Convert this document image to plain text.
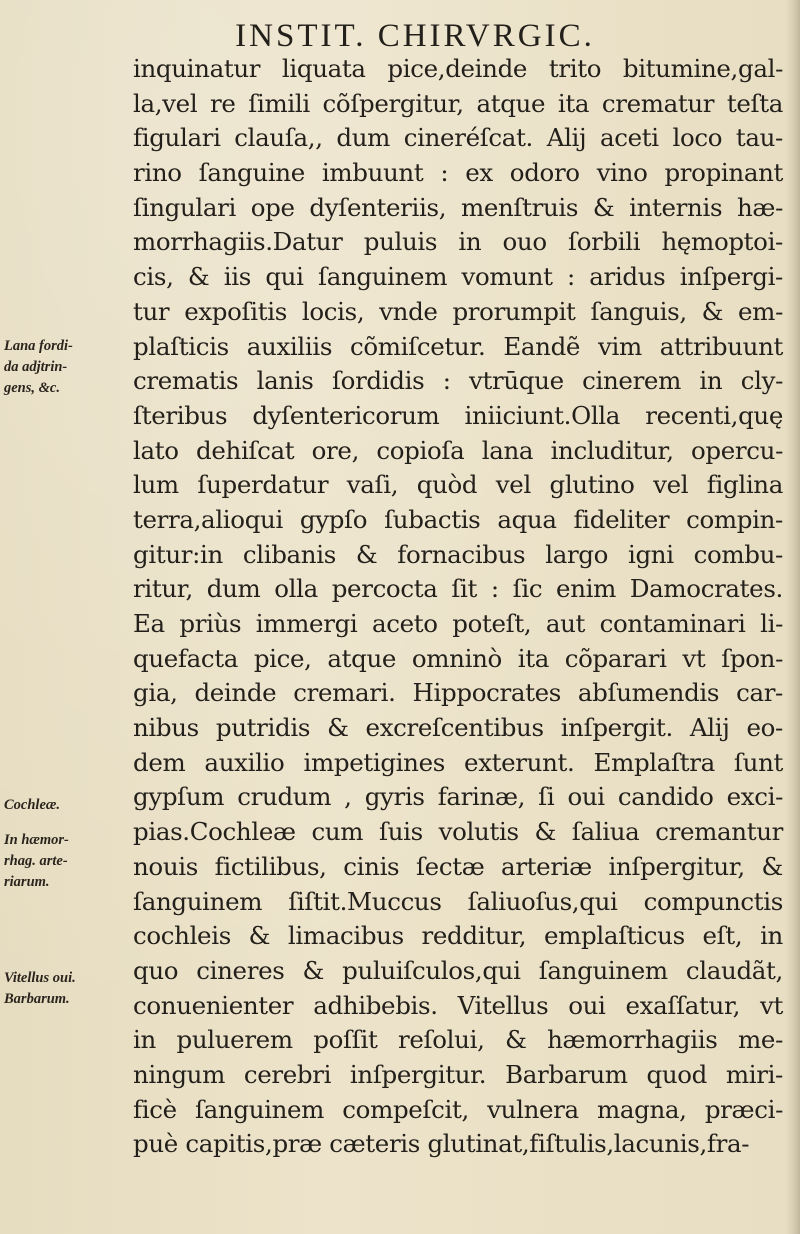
INSTIT. CHIRVRGIC.
Lana fordi-
da adjtrin-
gens, &c.
Cochleæ.
In hæmor-
rhag. arte-
riarum.
Vitellus oui.
Barbarum.
inquinatur liquata pice,deinde trito bitumine,gal-
la,vel re ſimili cõſpergitur, atque ita crematur teſta
figulari clauſa,, dum cineréſcat. Alij aceti loco tau-
rino ſanguine imbuunt : ex odoro vino propinant
ſingulari ope dyſenteriis, menſtruis & internis hæ-
morrhagiis.Datur puluis in ouo ſorbili hęmoptoi-
cis, & iis qui ſanguinem vomunt : aridus inſpergi-
tur expoſitis locis, vnde prorumpit ſanguis, & em-
plaſticis auxiliis cõmiſcetur. Eandẽ vim attribuunt
crematis lanis ſordidis : vtrūque cinerem in cly-
ſteribus dyſentericorum iniiciunt.Olla recenti,quę
lato dehiſcat ore, copioſa lana includitur, opercu-
lum ſuperdatur vaſi, quòd vel glutino vel figlina
terra,alioqui gypſo ſubactis aqua fideliter compin-
gitur:in clibanis & fornacibus largo igni combu-
ritur, dum olla percocta ſit : ſic enim Damocrates.
Ea priùs immergi aceto poteſt, aut contaminari li-
quefacta pice, atque omninò ita cõparari vt ſpon-
gia, deinde cremari. Hippocrates abſumendis car-
nibus putridis & excreſcentibus inſpergit. Alij eo-
dem auxilio impetigines exterunt. Emplaſtra ſunt
gypſum crudum , gyris farinæ, ſi oui candido exci-
pias.Cochleæ cum ſuis volutis & ſaliua cremantur
nouis fictilibus, cinis ſectæ arteriæ inſpergitur, &
ſanguinem ſiſtit.Muccus ſaliuoſus,qui compunctis
cochleis & limacibus redditur, emplaſticus eſt, in
quo cineres & puluiſculos,qui ſanguinem claudãt,
conuenienter adhibebis. Vitellus oui exaſſatur, vt
in puluerem poſſit reſolui, & hæmorrhagiis me-
ningum cerebri inſpergitur. Barbarum quod miri-
ficè ſanguinem compeſcit, vulnera magna, præci-
puè capitis,præ cæteris glutinat,fiſtulis,lacunis,fra-
